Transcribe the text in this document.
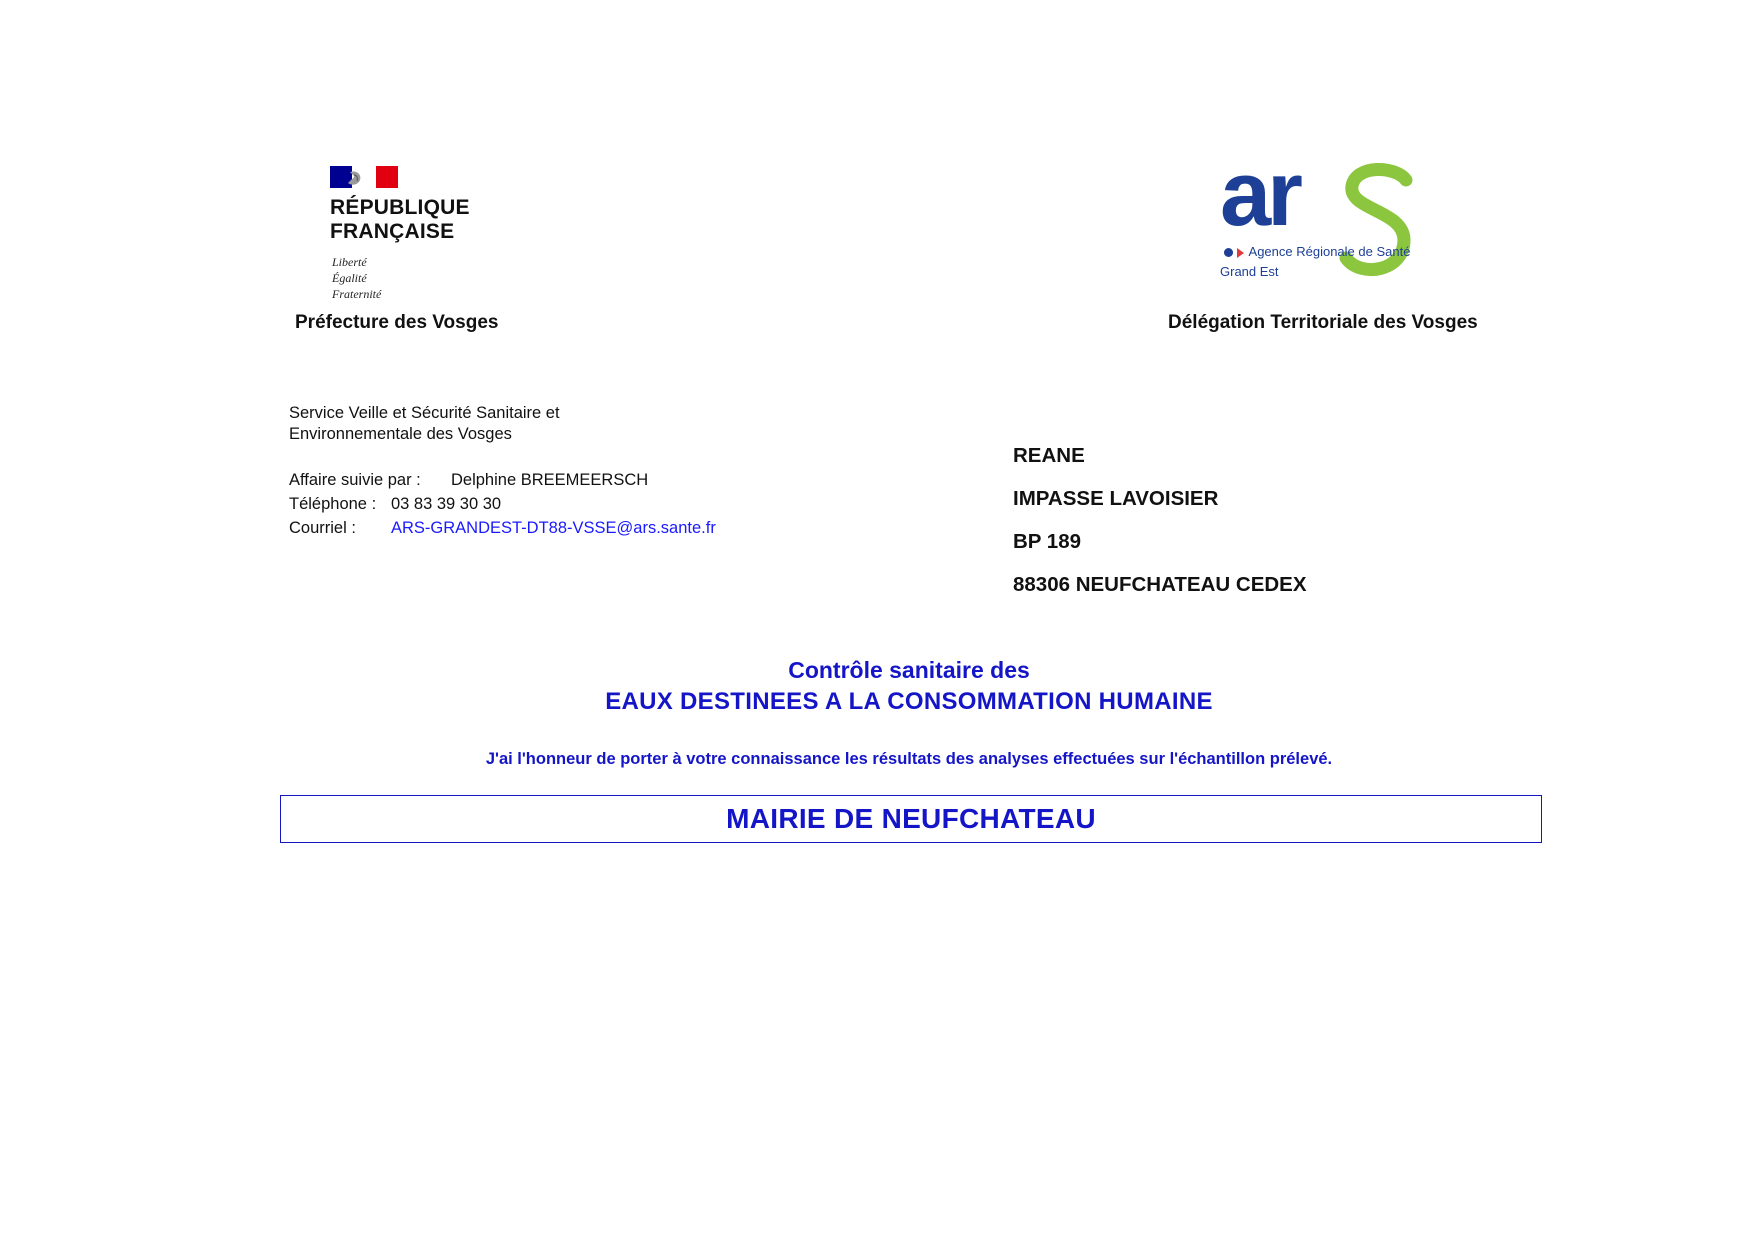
RÉPUBLIQUE
FRANÇAISE
Liberté
Égalité
Fraternité
Préfecture des Vosges
ar
Agence Régionale de Santé
Grand Est
Délégation Territoriale des Vosges
Service Veille et Sécurité Sanitaire et
Environnementale des Vosges
Affaire suivie par :	Delphine BREEMEERSCH
Téléphone : 03 83 39 30 30
Courriel :	ARS-GRANDEST-DT88-VSSE@ars.sante.fr
REANE
IMPASSE LAVOISIER
BP 189
88306 NEUFCHATEAU CEDEX
Contrôle sanitaire des
EAUX DESTINEES A LA CONSOMMATION HUMAINE
J'ai l'honneur de porter à votre connaissance les résultats des analyses effectuées sur l'échantillon prélevé.
MAIRIE DE NEUFCHATEAU
